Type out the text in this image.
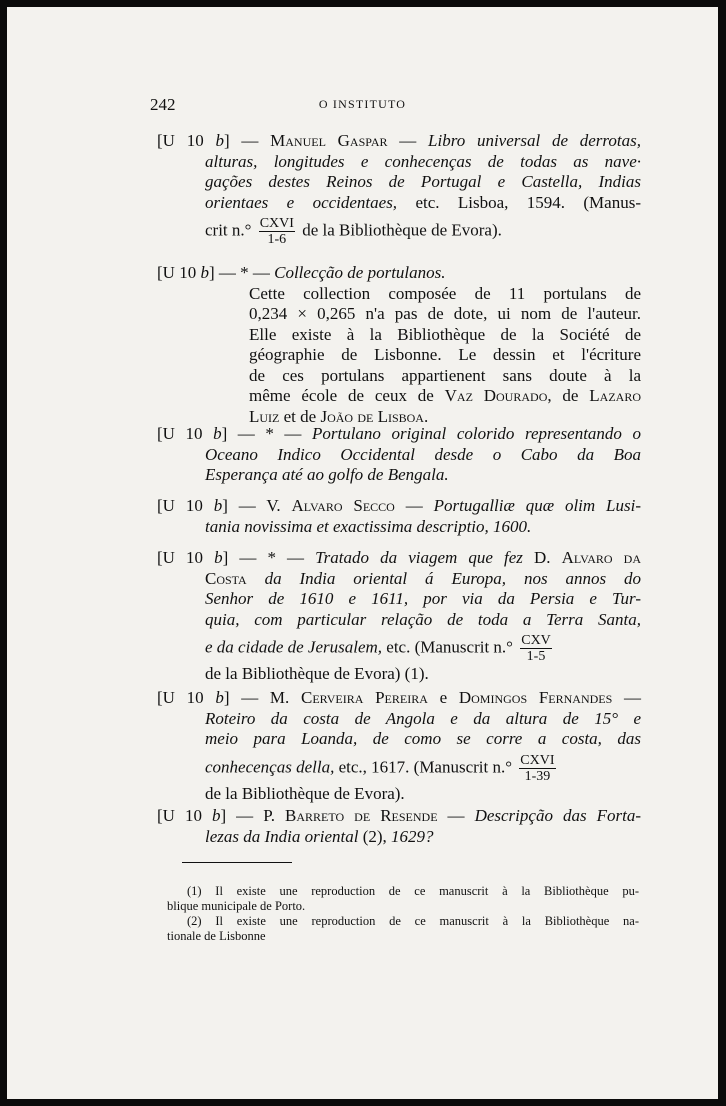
242	O INSTITUTO
[U 10 b] — Manuel Gaspar — Libro universal de derrotas,
alturas, longitudes e conhecenças de todas as nave·
gações destes Reinos de Portugal e Castella, Indias
orientaes e occidentaes, etc. Lisboa, 1594. (Manus-
crit $n.^\circ \frac{\text{CXVI}}{1-6}$ de la Bibliothèque de Evora).
[U 10 b] — * — Collecção de portulanos.
Cette collection composée de 11 portulans de
0,234 × 0,265 n'a pas de dote, ui nom de l'auteur.
Elle existe à la Bibliothèque de la Société de
géographie de Lisbonne. Le dessin et l'écriture
de ces portulans appartienent sans doute à la
même école de ceux de Vaz Dourado, de Lazaro
Luiz et de João de Lisboa.
[U 10 b] — * — Portulano original colorido representando o
Oceano Indico Occidental desde o Cabo da Boa
Esperança até ao golfo de Bengala.
[U 10 b] — V. Alvaro Secco — Portugalliæ quæ olim Lusi-
tania novissima et exactissima descriptio, 1600.
[U 10 b] — * — Tratado da viagem que fez D. Alvaro da
Costa da India oriental á Europa, nos annos do
Senhor de 1610 e 1611, por via da Persia e Tur-
quia, com particular relação de toda a Terra Santa,
e da cidade de Jerusalem, etc. (Manuscrit $n.^\circ \frac{\text{CXV}}{1-5}$
de la Bibliothèque de Evora) (1).
[U 10 b] — M. Cerveira Pereira e Domingos Fernandes —
Roteiro da costa de Angola e da altura de 15° e
meio para Loanda, de como se corre a costa, das
conhecenças della, etc., 1617. (Manuscrit $n.^\circ \frac{\text{CXVI}}{1-39}$
de la Bibliothèque de Evora).
[U 10 b] — P. Barreto de Resende — Descripção das Forta-
lezas da India oriental (2), 1629?
(1) Il existe une reproduction de ce manuscrit à la Bibliothèque pu-
blique municipale de Porto.
(2) Il existe une reproduction de ce manuscrit à la Bibliothèque na-
tionale de Lisbonne
